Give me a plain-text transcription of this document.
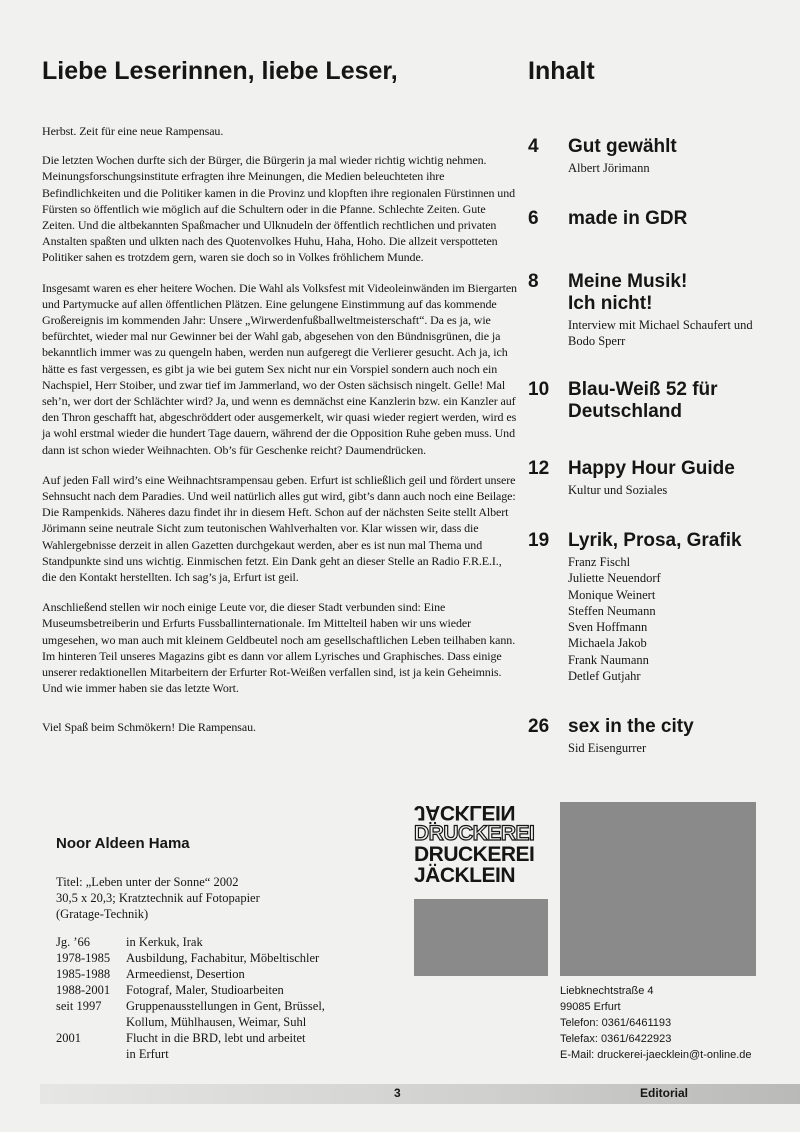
Liebe Leserinnen, liebe Leser,

Herbst. Zeit für eine neue Rampensau.

Die letzten Wochen durfte sich der Bürger, die Bürgerin ja mal wieder richtig wichtig nehmen. Meinungsforschungsinstitute erfragten ihre Meinungen, die Medien beleuchteten ihre Befindlichkeiten und die Politiker kamen in die Provinz und klopften ihre regionalen Fürstinnen und Fürsten so öffentlich wie möglich auf die Schultern oder in die Pfanne. Schlechte Zeiten. Gute Zeiten. Und die altbekannten Spaßmacher und Ulknudeln der öffentlich rechtlichen und privaten Anstalten spaßten und ulkten nach des Quotenvolkes Huhu, Haha, Hoho. Die allzeit verspotteten Politiker sahen es trotzdem gern, waren sie doch so in Volkes fröhlichem Munde.

Insgesamt waren es eher heitere Wochen. Die Wahl als Volksfest mit Videoleinwänden im Biergarten und Partymucke auf allen öffentlichen Plätzen. Eine gelungene Einstimmung auf das kommende Großereignis im kommenden Jahr: Unsere „Wirwerdenfußballweltmeisterschaft“. Da es ja, wie befürchtet, wieder mal nur Gewinner bei der Wahl gab, abgesehen von den Bündnisgrünen, die ja bekanntlich immer was zu quengeln haben, werden nun aufgeregt die Verlierer gesucht. Ach ja, ich hätte es fast vergessen, es gibt ja wie bei gutem Sex nicht nur ein Vorspiel sondern auch noch ein Nachspiel, Herr Stoiber, und zwar tief im Jammerland, wo der Osten sächsisch ningelt. Gelle! Mal seh’n, wer dort der Schlächter wird? Ja, und wenn es demnächst eine Kanzlerin bzw. ein Kanzler auf den Thron geschafft hat, abgeschröddert oder ausgemerkelt, wir quasi wieder regiert werden, wird es ja wohl erstmal wieder die hundert Tage dauern, während der die Opposition Ruhe geben muss. Und dann ist schon wieder Weihnachten. Ob’s für Geschenke reicht? Daumendrücken.

Auf jeden Fall wird’s eine Weihnachtsrampensau geben. Erfurt ist schließlich geil und fördert unsere Sehnsucht nach dem Paradies. Und weil natürlich alles gut wird, gibt’s dann auch noch eine Beilage: Die Rampenkids. Näheres dazu findet ihr in diesem Heft. Schon auf der nächsten Seite stellt Albert Jörimann seine neutrale Sicht zum teutonischen Wahlverhalten vor. Klar wissen wir, dass die Wahlergebnisse derzeit in allen Gazetten durchgekaut werden, aber es ist nun mal Thema und Standpunkte sind uns wichtig. Einmischen fetzt. Ein Dank geht an dieser Stelle an Radio F.R.E.I., die den Kontakt herstellten. Ich sag’s ja, Erfurt ist geil.

Anschließend stellen wir noch einige Leute vor, die dieser Stadt verbunden sind: Eine Museumsbetreiberin und Erfurts Fussballinternationale. Im Mittelteil haben wir uns wieder umgesehen, wo man auch mit kleinem Geldbeutel noch am gesellschaftlichen Leben teilhaben kann. Im hinteren Teil unseres Magazins gibt es dann vor allem Lyrisches und Graphisches. Dass einige unserer redaktionellen Mitarbeitern der Erfurter Rot-Weißen verfallen sind, ist ja kein Geheimnis. Und wie immer haben sie das letzte Wort.

Viel Spaß beim Schmökern! Die Rampensau.

Inhalt
4	Gut gewählt
Albert Jörimann
6	made in GDR
8	Meine Musik! Ich nicht!
Interview mit Michael Schaufert und Bodo Sperr
10 Blau-Weiß 52 für Deutschland
12 Happy Hour Guide
Kultur und Soziales
19 Lyrik, Prosa, Grafik
Franz Fischl
Juliette Neuendorf
Monique Weinert
Steffen Neumann
Sven Hoffmann
Michaela Jakob
Frank Naumann
Detlef Gutjahr
26 sex in the city
Sid Eisengurrer
Noor Aldeen Hama
Titel: „Leben unter der Sonne“ 2002
30,5 x 20,3; Kratztechnik auf Fotopapier
(Gratage-Technik)
Jg. ’66	in Kerkuk, Irak
1978-1985	Ausbildung, Fachabitur, Möbeltischler
1985-1988	Armeedienst, Desertion
1988-2001	Fotograf, Maler, Studioarbeiten
seit 1997	Gruppenausstellungen in Gent, Brüssel, Kollum, Mühlhausen, Weimar, Suhl
2001	Flucht in die BRD, lebt und arbeitet in Erfurt
JÄCKLEIN
DRUCKEREI
DRUCKEREI
JÄCKLEIN
Liebknechtstraße 4
99085 Erfurt
Telefon: 0361/6461193
Telefax: 0361/6422923
E-Mail: druckerei-jaecklein@t-online.de
3	Editorial
